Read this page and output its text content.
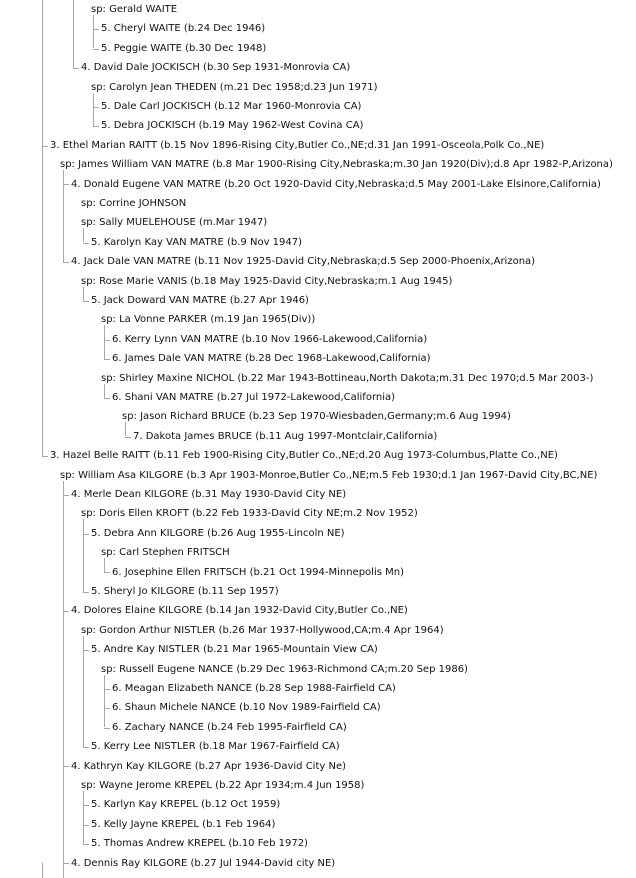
sp: Gerald WAITE
5. Cheryl WAITE (b.24 Dec 1946)
5. Peggie WAITE (b.30 Dec 1948)
4. David Dale JOCKISCH (b.30 Sep 1931-Monrovia CA)
sp: Carolyn Jean THEDEN (m.21 Dec 1958;d.23 Jun 1971)
5. Dale Carl JOCKISCH (b.12 Mar 1960-Monrovia CA)
5. Debra JOCKISCH (b.19 May 1962-West Covina CA)
3. Ethel Marian RAITT (b.15 Nov 1896-Rising City,Butler Co.,NE;d.31 Jan 1991-Osceola,Polk Co.,NE)
sp: James William VAN MATRE (b.8 Mar 1900-Rising City,Nebraska;m.30 Jan 1920(Div);d.8 Apr 1982-P,Arizona)
4. Donald Eugene VAN MATRE (b.20 Oct 1920-David City,Nebraska;d.5 May 2001-Lake Elsinore,California)
sp: Corrine JOHNSON
sp: Sally MUELEHOUSE (m.Mar 1947)
5. Karolyn Kay VAN MATRE (b.9 Nov 1947)
4. Jack Dale VAN MATRE (b.11 Nov 1925-David City,Nebraska;d.5 Sep 2000-Phoenix,Arizona)
sp: Rose Marie VANIS (b.18 May 1925-David City,Nebraska;m.1 Aug 1945)
5. Jack Doward VAN MATRE (b.27 Apr 1946)
sp: La Vonne PARKER (m.19 Jan 1965(Div))
6. Kerry Lynn VAN MATRE (b.10 Nov 1966-Lakewood,California)
6. James Dale VAN MATRE (b.28 Dec 1968-Lakewood,California)
sp: Shirley Maxine NICHOL (b.22 Mar 1943-Bottineau,North Dakota;m.31 Dec 1970;d.5 Mar 2003-)
6. Shani VAN MATRE (b.27 Jul 1972-Lakewood,California)
sp: Jason Richard BRUCE (b.23 Sep 1970-Wiesbaden,Germany;m.6 Aug 1994)
7. Dakota James BRUCE (b.11 Aug 1997-Montclair,California)
3. Hazel Belle RAITT (b.11 Feb 1900-Rising City,Butler Co.,NE;d.20 Aug 1973-Columbus,Platte Co.,NE)
sp: William Asa KILGORE (b.3 Apr 1903-Monroe,Butler Co.,NE;m.5 Feb 1930;d.1 Jan 1967-David City,BC,NE)
4. Merle Dean KILGORE (b.31 May 1930-David City NE)
sp: Doris Ellen KROFT (b.22 Feb 1933-David City NE;m.2 Nov 1952)
5. Debra Ann KILGORE (b.26 Aug 1955-Lincoln NE)
sp: Carl Stephen FRITSCH
6. Josephine Ellen FRITSCH (b.21 Oct 1994-Minnepolis Mn)
5. Sheryl Jo KILGORE (b.11 Sep 1957)
4. Dolores Elaine KILGORE (b.14 Jan 1932-David City,Butler Co.,NE)
sp: Gordon Arthur NISTLER (b.26 Mar 1937-Hollywood,CA;m.4 Apr 1964)
5. Andre Kay NISTLER (b.21 Mar 1965-Mountain View CA)
sp: Russell Eugene NANCE (b.29 Dec 1963-Richmond CA;m.20 Sep 1986)
6. Meagan Elizabeth NANCE (b.28 Sep 1988-Fairfield CA)
6. Shaun Michele NANCE (b.10 Nov 1989-Fairfield CA)
6. Zachary NANCE (b.24 Feb 1995-Fairfield CA)
5. Kerry Lee NISTLER (b.18 Mar 1967-Fairfield CA)
4. Kathryn Kay KILGORE (b.27 Apr 1936-David City Ne)
sp: Wayne Jerome KREPEL (b.22 Apr 1934;m.4 Jun 1958)
5. Karlyn Kay KREPEL (b.12 Oct 1959)
5. Kelly Jayne KREPEL (b.1 Feb 1964)
5. Thomas Andrew KREPEL (b.10 Feb 1972)
4. Dennis Ray KILGORE (b.27 Jul 1944-David city NE)
